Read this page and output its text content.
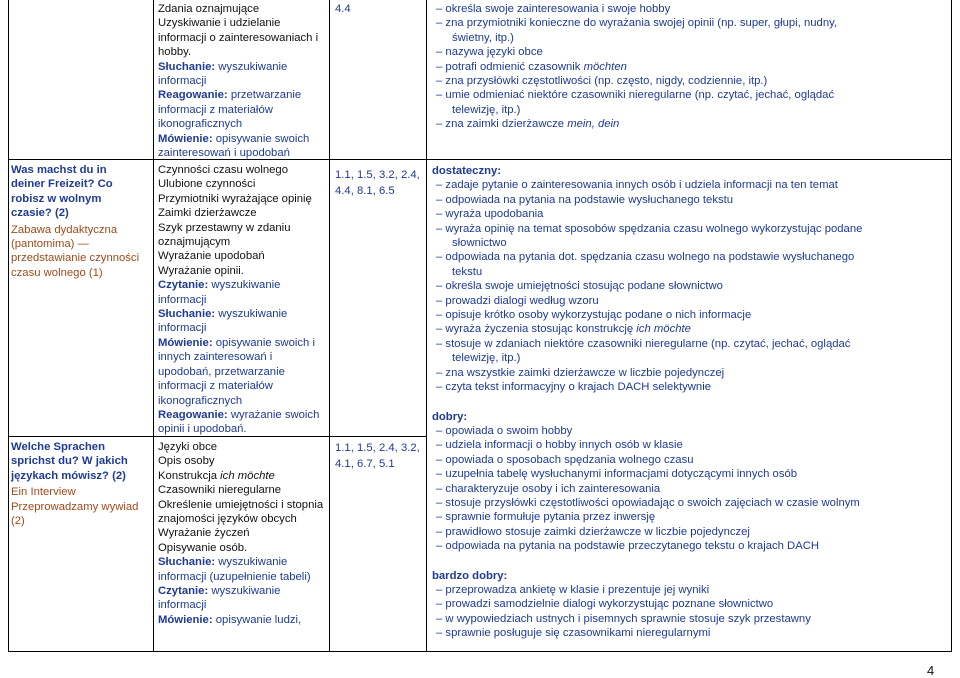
Was machst du in deiner Freizeit? Co robisz w wolnym czasie? (2)

Zabawa dydaktyczna (pantomima) — przedstawianie czynności czasu wolnego (1)

Welche Sprachen sprichst du? W jakich językach mówisz? (2)

Ein Interview Przeprowadzamy wywiad (2)

Zdania oznajmujące

Uzyskiwanie i udzielanie informacji o zainteresowaniach i hobby.

Słuchanie: wyszukiwanie informacji

Reagowanie: przetwarzanie informacji z materiałów ikonograficznych

Mówienie: opisywanie swoich zainteresowań i upodobań

Czynności czasu wolnego

Ulubione czynności

Przymiotniki wyrażające opinię

Zaimki dzierżawcze

Szyk przestawny w zdaniu oznajmującym

Wyrażanie upodobań

Wyrażanie opinii.

Czytanie: wyszukiwanie informacji

Słuchanie: wyszukiwanie informacji

Mówienie: opisywanie swoich i innych zainteresowań i upodobań, przetwarzanie informacji z materiałów ikonograficznych

Reagowanie: wyrażanie swoich opinii i upodobań.

Języki obce

Opis osoby

Konstrukcja ich möchte

Czasowniki nieregularne

Określenie umiejętności i stopnia znajomości języków obcych

Wyrażanie życzeń

Opisywanie osób.

Słuchanie: wyszukiwanie informacji (uzupełnienie tabeli)

Czytanie: wyszukiwanie informacji

Mówienie: opisywanie ludzi,

4.4

1.1, 1.5, 3.2, 2.4, 4.4, 8.1, 6.5

1.1, 1.5, 2.4, 3.2, 4.1, 6.7, 5.1

– określa swoje zainteresowania i swoje hobby

– zna przymiotniki konieczne do wyrażania swojej opinii (np. super, głupi, nudny, świetny, itp.)

– nazywa języki obce

– potrafi odmienić czasownik möchten

– zna przysłówki częstotliwości (np. często, nigdy, codziennie, itp.)

– umie odmieniać niektóre czasowniki nieregularne (np. czytać, jechać, oglądać telewizję, itp.)

– zna zaimki dzierżawcze mein, dein

dostateczny:

– zadaje pytanie o zainteresowania innych osób i udziela informacji na ten temat

– odpowiada na pytania na podstawie wysłuchanego tekstu

– wyraża upodobania

– wyraża opinię na temat sposobów spędzania czasu wolnego wykorzystując podane słownictwo

– odpowiada na pytania dot. spędzania czasu wolnego na podstawie wysłuchanego tekstu

– określa swoje umiejętności stosując podane słownictwo

– prowadzi dialogi według wzoru

– opisuje krótko osoby wykorzystując podane o nich informacje

– wyraża życzenia stosując konstrukcję ich möchte

– stosuje w zdaniach niektóre czasowniki nieregularne (np. czytać, jechać, oglądać telewizję, itp.)

– zna wszystkie zaimki dzierżawcze w liczbie pojedynczej

– czyta tekst informacyjny o krajach DACH selektywnie

dobry:

– opowiada o swoim hobby

– udziela informacji o hobby innych osób w klasie

– opowiada o sposobach spędzania wolnego czasu

– uzupełnia tabelę wysłuchanymi informacjami dotyczącymi innych osób

– charakteryzuje osoby i ich zainteresowania

– stosuje przysłówki częstotliwości opowiadając o swoich zajęciach w czasie wolnym

– sprawnie formułuje pytania przez inwersję

– prawidłowo stosuje zaimki dzierżawcze w liczbie pojedynczej

– odpowiada na pytania na podstawie przeczytanego tekstu o krajach DACH

bardzo dobry:

– przeprowadza ankietę w klasie i prezentuje jej wyniki

– prowadzi samodzielnie dialogi wykorzystując poznane słownictwo

– w wypowiedziach ustnych i pisemnych sprawnie stosuje szyk przestawny

– sprawnie posługuje się czasownikami nieregularnymi

4
